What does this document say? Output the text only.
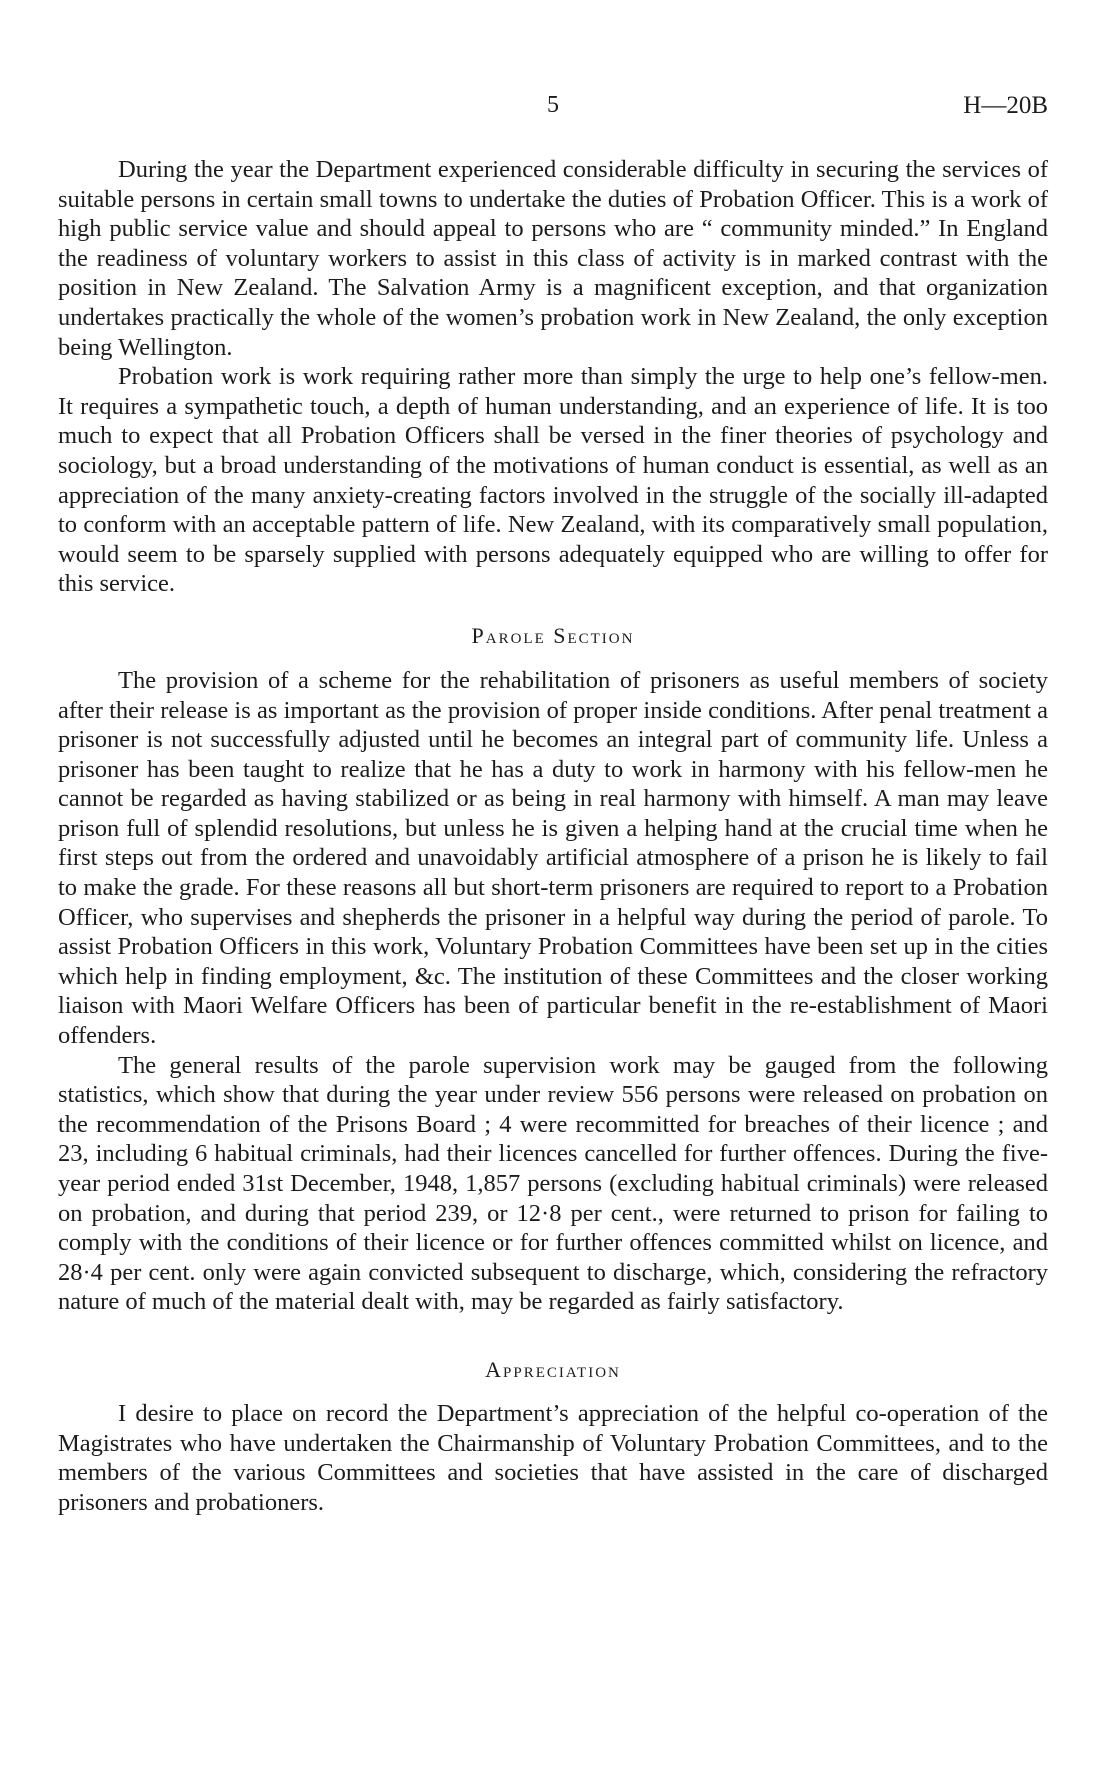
5	H—20B

During the year the Department experienced considerable difficulty in securing the services of suitable persons in certain small towns to undertake the duties of Probation Officer. This is a work of high public service value and should appeal to persons who are “ community minded.” In England the readiness of voluntary workers to assist in this class of activity is in marked contrast with the position in New Zealand. The Salvation Army is a magnificent exception, and that organization undertakes practically the whole of the women’s probation work in New Zealand, the only exception being Wellington.

Probation work is work requiring rather more than simply the urge to help one’s fellow-men. It requires a sympathetic touch, a depth of human understanding, and an experience of life. It is too much to expect that all Probation Officers shall be versed in the finer theories of psychology and sociology, but a broad understanding of the motivations of human conduct is essential, as well as an appreciation of the many anxiety-creating factors involved in the struggle of the socially ill-adapted to conform with an acceptable pattern of life. New Zealand, with its comparatively small population, would seem to be sparsely supplied with persons adequately equipped who are willing to offer for this service.

Parole Section

The provision of a scheme for the rehabilitation of prisoners as useful members of society after their release is as important as the provision of proper inside conditions. After penal treatment a prisoner is not successfully adjusted until he becomes an integral part of community life. Unless a prisoner has been taught to realize that he has a duty to work in harmony with his fellow-men he cannot be regarded as having stabilized or as being in real harmony with himself. A man may leave prison full of splendid resolutions, but unless he is given a helping hand at the crucial time when he first steps out from the ordered and unavoidably artificial atmosphere of a prison he is likely to fail to make the grade. For these reasons all but short-term prisoners are required to report to a Probation Officer, who supervises and shepherds the prisoner in a helpful way during the period of parole. To assist Probation Officers in this work, Voluntary Probation Committees have been set up in the cities which help in finding employment, &c. The institution of these Committees and the closer working liaison with Maori Welfare Officers has been of particular benefit in the re-establishment of Maori offenders.

The general results of the parole supervision work may be gauged from the following statistics, which show that during the year under review 556 persons were released on probation on the recommendation of the Prisons Board ; 4 were recommitted for breaches of their licence ; and 23, including 6 habitual criminals, had their licences cancelled for further offences. During the five-year period ended 31st December, 1948, 1,857 persons (excluding habitual criminals) were released on probation, and during that period 239, or 12·8 per cent., were returned to prison for failing to comply with the conditions of their licence or for further offences committed whilst on licence, and 28·4 per cent. only were again convicted subsequent to discharge, which, considering the refractory nature of much of the material dealt with, may be regarded as fairly satisfactory.

Appreciation

I desire to place on record the Department’s appreciation of the helpful co-operation of the Magistrates who have undertaken the Chairmanship of Voluntary Probation Committees, and to the members of the various Committees and societies that have assisted in the care of discharged prisoners and probationers.
